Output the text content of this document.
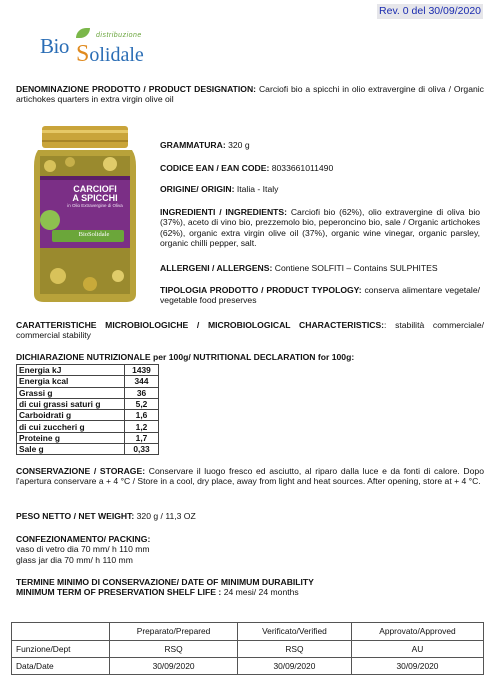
Rev. 0 del 30/09/2020
distribuzione
Bio Solidale
DENOMINAZIONE PRODOTTO / PRODUCT DESIGNATION: Carciofi bio a spicchi in olio extravergine di oliva / Organic artichokes quarters in extra virgin olive oil
CARCIOFI
A SPICCHI
in Olio Extravergine di Oliva
BioSolidale
GRAMMATURA: 320 g
CODICE EAN / EAN CODE: 8033661011490
ORIGINE/ ORIGIN: Italia - Italy
INGREDIENTI / INGREDIENTS: Carciofi bio (62%), olio extravergine di oliva bio (37%), aceto di vino bio, prezzemolo bio, peperoncino bio, sale / Organic artichokes (62%), organic extra virgin olive oil (37%), organic wine vinegar, organic parsley, organic chilli pepper, salt.
ALLERGENI / ALLERGENS: Contiene SOLFITI – Contains SULPHITES
TIPOLOGIA PRODOTTO / PRODUCT TYPOLOGY: conserva alimentare vegetale/ vegetable food preserves
CARATTERISTICHE MICROBIOLOGICHE / MICROBIOLOGICAL CHARACTERISTICS:: stabilità commerciale/ commercial stability
DICHIARAZIONE NUTRIZIONALE per 100g/ NUTRITIONAL DECLARATION for 100g:
Energia kJ	1439
Energia kcal	344
Grassi g	36
di cui grassi saturi g	5,2
Carboidrati g	1,6
di cui zuccheri g	1,2
Proteine g	1,7
Sale g	0,33
CONSERVAZIONE / STORAGE: Conservare il luogo fresco ed asciutto, al riparo dalla luce e da fonti di calore. Dopo l'apertura conservare a + 4 °C / Store in a cool, dry place, away from light and heat sources. After opening, store at + 4 °C.
PESO NETTO / NET WEIGHT: 320 g / 11,3 OZ
CONFEZIONAMENTO/ PACKING:
vaso di vetro dia 70 mm/ h 110 mm
glass jar dia 70 mm/ h 110 mm
TERMINE MINIMO DI CONSERVAZIONE/ DATE OF MINIMUM DURABILITY
MINIMUM TERM OF PRESERVATION SHELF LIFE : 24 mesi/ 24 months
	Preparato/Prepared	Verificato/Verified	Approvato/Approved
Funzione/Dept	RSQ	RSQ	AU
Data/Date	30/09/2020	30/09/2020	30/09/2020
